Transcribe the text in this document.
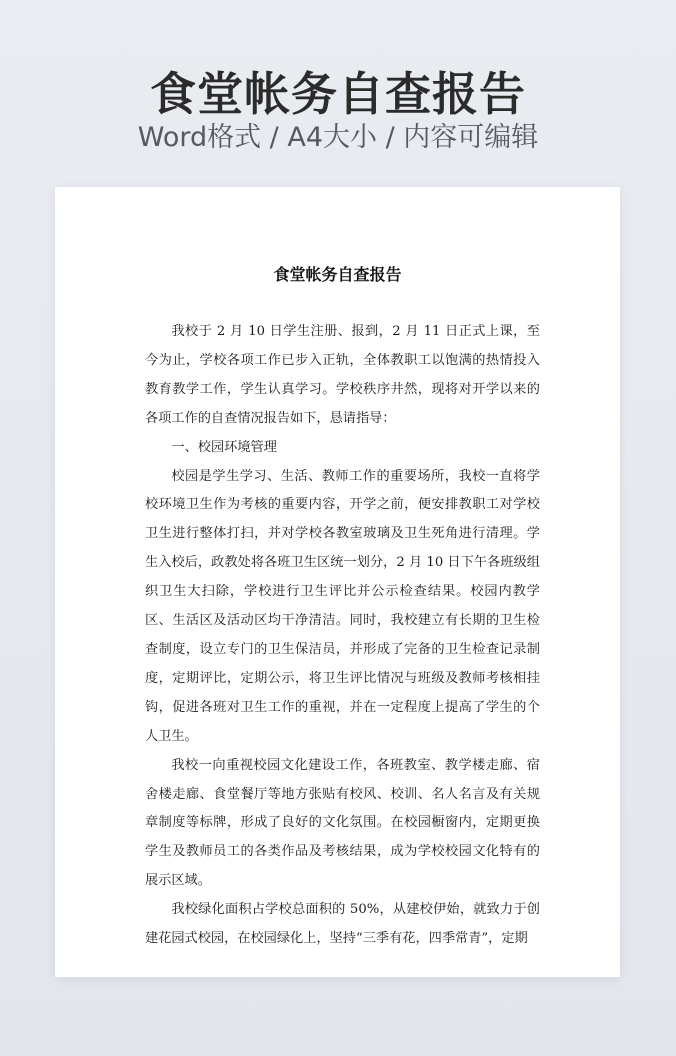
食堂帐务自查报告
Word格式 / A4大小 / 内容可编辑
食堂帐务自查报告

我校于 2 月 10 日学生注册、报到，2 月 11 日正式上课，至今为止，学校各项工作已步入正轨，全体教职工以饱满的热情投入教育教学工作，学生认真学习。学校秩序井然，现将对开学以来的各项工作的自查情况报告如下，恳请指导：

一、校园环境管理

校园是学生学习、生活、教师工作的重要场所，我校一直将学校环境卫生作为考核的重要内容，开学之前，便安排教职工对学校卫生进行整体打扫，并对学校各教室玻璃及卫生死角进行清理。学生入校后，政教处将各班卫生区统一划分，2 月 10 日下午各班级组织卫生大扫除，学校进行卫生评比并公示检查结果。校园内教学区、生活区及活动区均干净清洁。同时，我校建立有长期的卫生检查制度，设立专门的卫生保洁员，并形成了完备的卫生检查记录制度，定期评比，定期公示，将卫生评比情况与班级及教师考核相挂钩，促进各班对卫生工作的重视，并在一定程度上提高了学生的个人卫生。

我校一向重视校园文化建设工作，各班教室、教学楼走廊、宿舍楼走廊、食堂餐厅等地方张贴有校风、校训、名人名言及有关规章制度等标牌，形成了良好的文化氛围。在校园橱窗内，定期更换学生及教师员工的各类作品及考核结果，成为学校校园文化特有的展示区域。

我校绿化面积占学校总面积的 50%，从建校伊始，就致力于创建花园式校园，在校园绿化上，坚持“三季有花，四季常青”，定期
